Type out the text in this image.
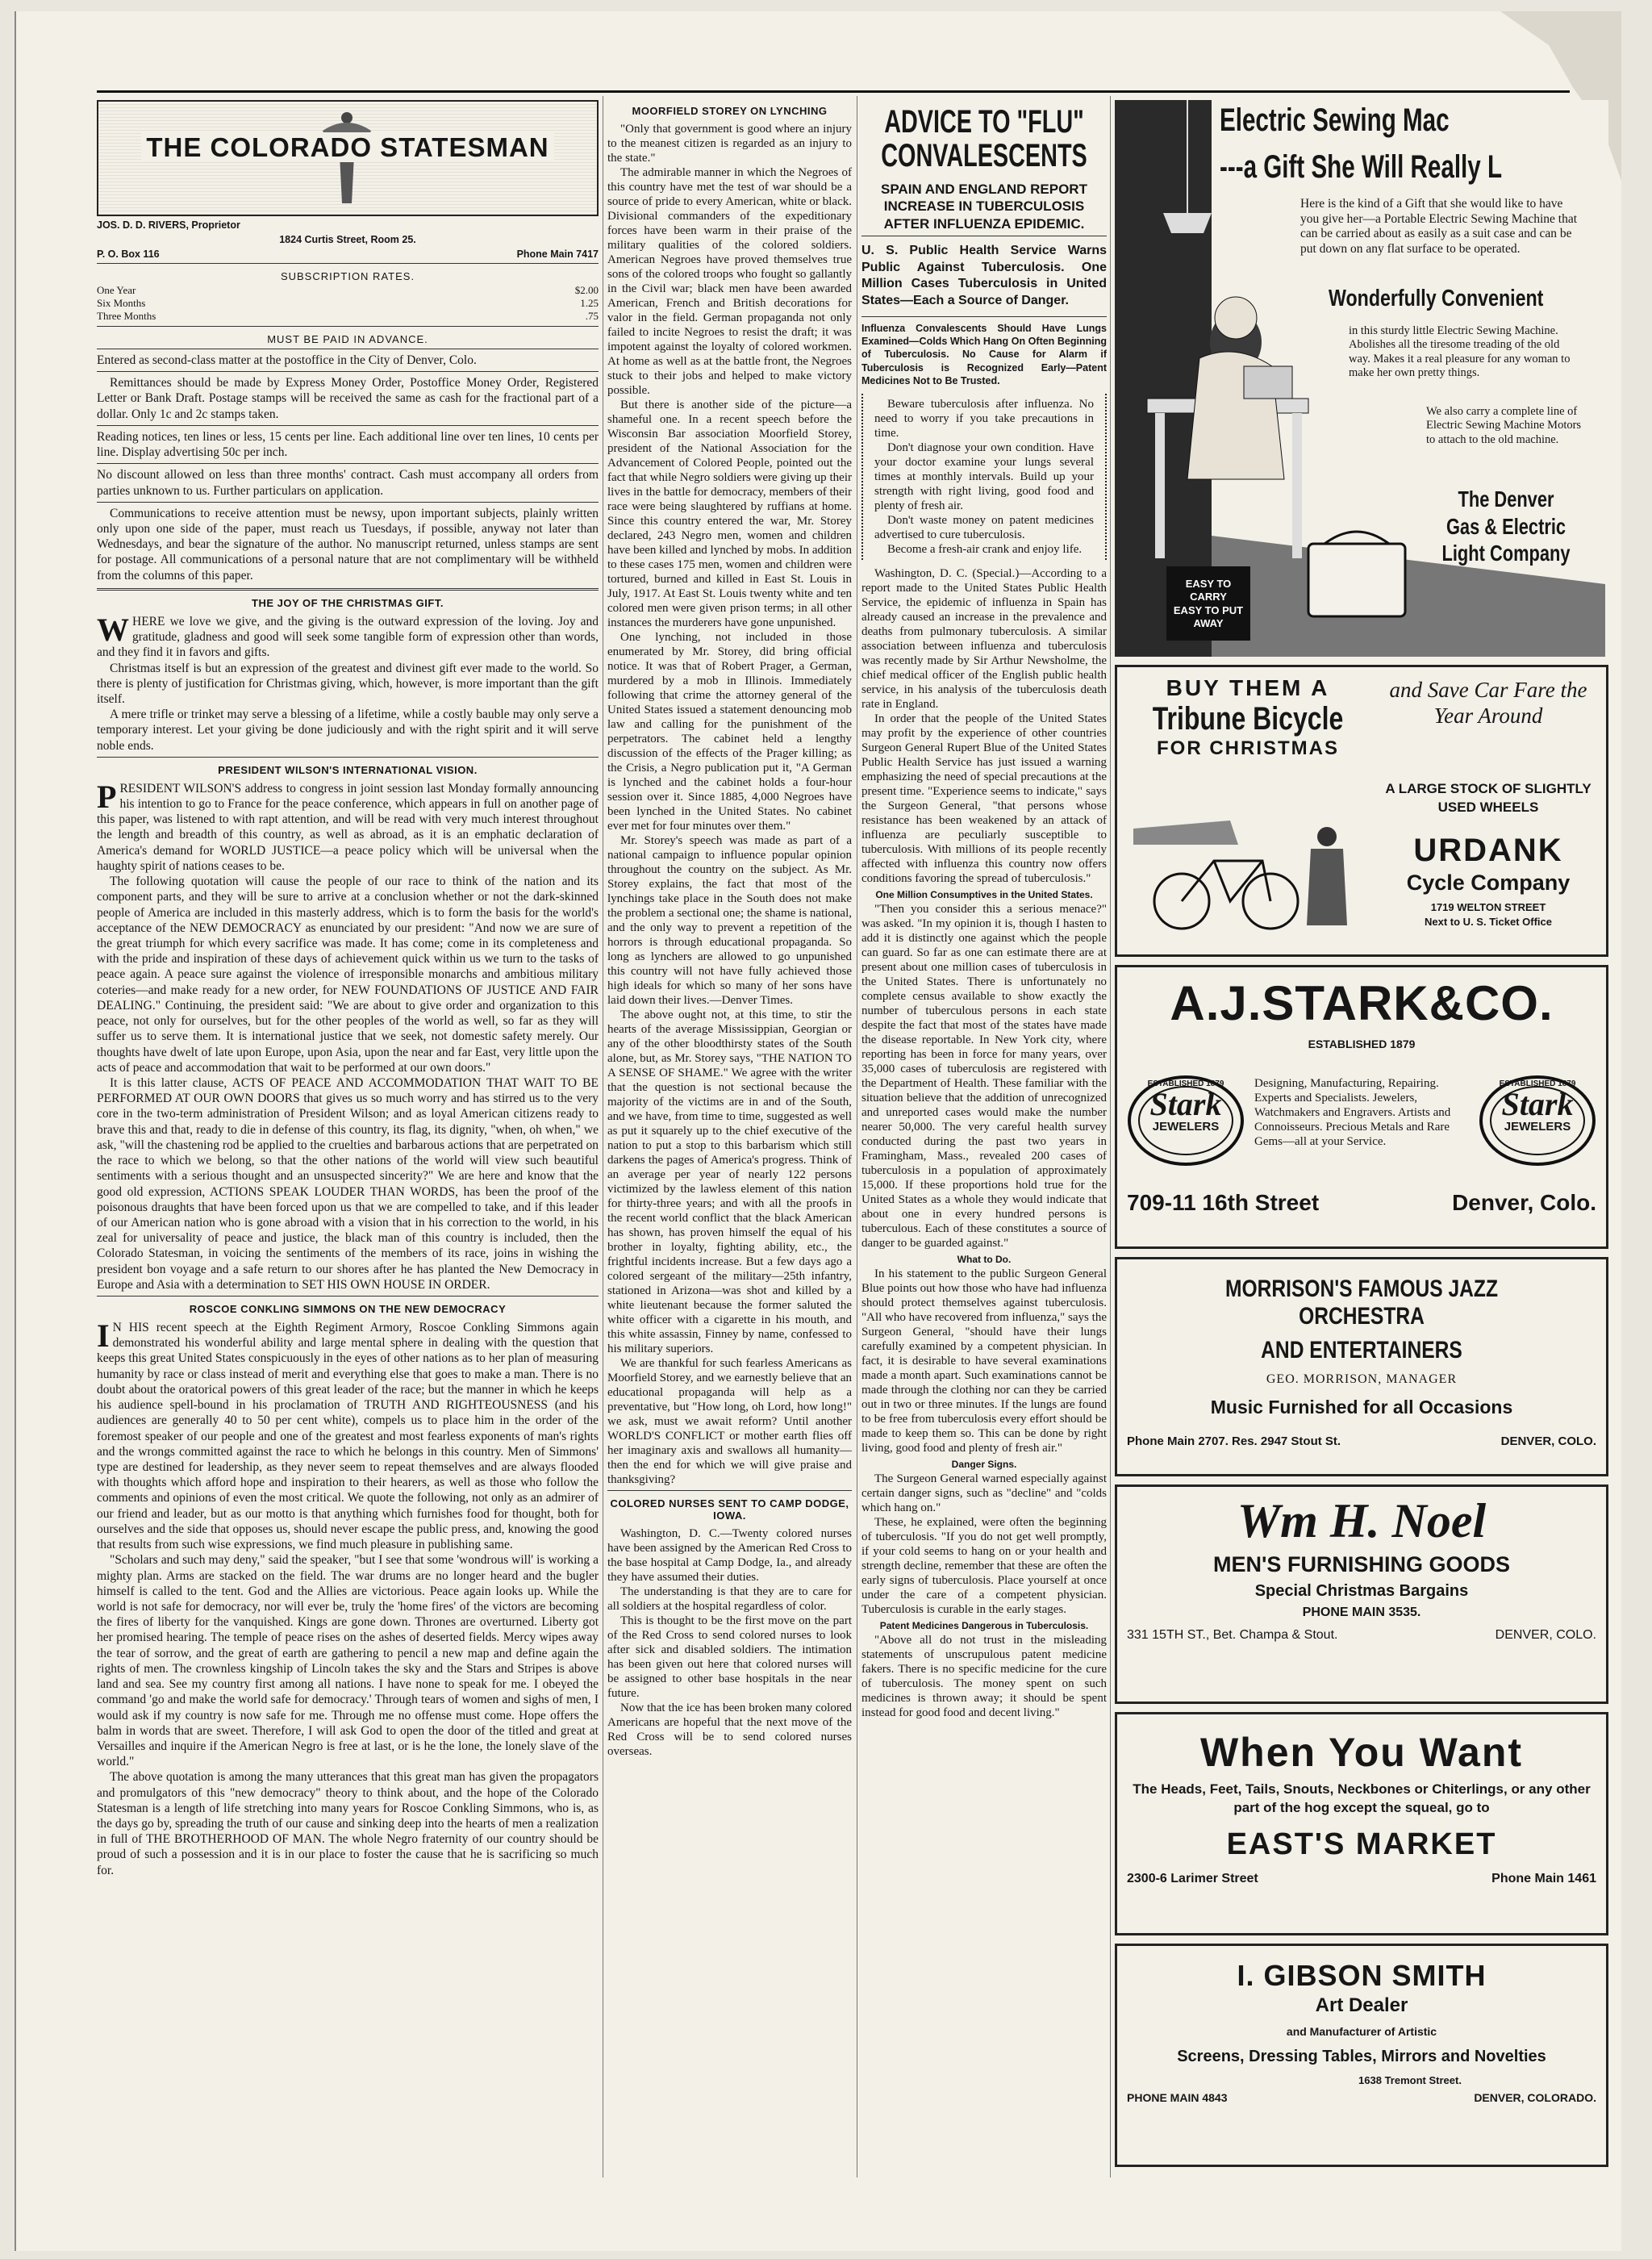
THE COLORADO STATESMAN
JOS. D. D. RIVERS, Proprietor
1824 Curtis Street, Room 25.
P. O. Box 116	Phone Main 7417
SUBSCRIPTION RATES.
One Year	$2.00
Six Months	1.25
Three Months	.75
MUST BE PAID IN ADVANCE.

Entered as second-class matter at the postoffice in the City of Denver, Colo.

Remittances should be made by Express Money Order, Postoffice Money Order, Registered Letter or Bank Draft. Postage stamps will be received the same as cash for the fractional part of a dollar. Only 1c and 2c stamps taken.

Reading notices, ten lines or less, 15 cents per line. Each additional line over ten lines, 10 cents per line. Display advertising 50c per inch.

No discount allowed on less than three months' contract. Cash must accompany all orders from parties unknown to us. Further particulars on application.

Communications to receive attention must be newsy, upon important subjects, plainly written only upon one side of the paper, must reach us Tuesdays, if possible, anyway not later than Wednesdays, and bear the signature of the author. No manuscript returned, unless stamps are sent for postage. All communications of a personal nature that are not complimentary will be withheld from the columns of this paper.

THE JOY OF THE CHRISTMAS GIFT.

WHERE we love we give, and the giving is the outward expression of the loving. Joy and gratitude, gladness and good will seek some tangible form of expression other than words, and they find it in favors and gifts.

Christmas itself is but an expression of the greatest and divinest gift ever made to the world. So there is plenty of justification for Christmas giving, which, however, is more important than the gift itself.

A mere trifle or trinket may serve a blessing of a lifetime, while a costly bauble may only serve a temporary interest. Let your giving be done judiciously and with the right spirit and it will serve noble ends.

PRESIDENT WILSON'S INTERNATIONAL VISION.

PRESIDENT WILSON'S address to congress in joint session last Monday formally announcing his intention to go to France for the peace conference, which appears in full on another page of this paper, was listened to with rapt attention, and will be read with very much interest throughout the length and breadth of this country, as well as abroad, as it is an emphatic declaration of America's demand for WORLD JUSTICE—a peace policy which will be universal when the haughty spirit of nations ceases to be.

The following quotation will cause the people of our race to think of the nation and its component parts, and they will be sure to arrive at a conclusion whether or not the dark-skinned people of America are included in this masterly address, which is to form the basis for the world's acceptance of the NEW DEMOCRACY as enunciated by our president: "And now we are sure of the great triumph for which every sacrifice was made. It has come; come in its completeness and with the pride and inspiration of these days of achievement quick within us we turn to the tasks of peace again. A peace sure against the violence of irresponsible monarchs and ambitious military coteries—and make ready for a new order, for NEW FOUNDATIONS OF JUSTICE AND FAIR DEALING." Continuing, the president said: "We are about to give order and organization to this peace, not only for ourselves, but for the other peoples of the world as well, so far as they will suffer us to serve them. It is international justice that we seek, not domestic safety merely. Our thoughts have dwelt of late upon Europe, upon Asia, upon the near and far East, very little upon the acts of peace and accommodation that wait to be performed at our own doors."

It is this latter clause, ACTS OF PEACE AND ACCOMMODATION THAT WAIT TO BE PERFORMED AT OUR OWN DOORS that gives us so much worry and has stirred us to the very core in the two-term administration of President Wilson; and as loyal American citizens ready to brave this and that, ready to die in defense of this country, its flag, its dignity, "when, oh when," we ask, "will the chastening rod be applied to the cruelties and barbarous actions that are perpetrated on the race to which we belong, so that the other nations of the world will view such beautiful sentiments with a serious thought and an unsuspected sincerity?" We are here and know that the good old expression, ACTIONS SPEAK LOUDER THAN WORDS, has been the proof of the poisonous draughts that have been forced upon us that we are compelled to take, and if this leader of our American nation who is gone abroad with a vision that in his correction to the world, in his zeal for universality of peace and justice, the black man of this country is included, then the Colorado Statesman, in voicing the sentiments of the members of its race, joins in wishing the president bon voyage and a safe return to our shores after he has planted the New Democracy in Europe and Asia with a determination to SET HIS OWN HOUSE IN ORDER.

ROSCOE CONKLING SIMMONS ON THE NEW DEMOCRACY

IN HIS recent speech at the Eighth Regiment Armory, Roscoe Conkling Simmons again demonstrated his wonderful ability and large mental sphere in dealing with the question that keeps this great United States conspicuously in the eyes of other nations as to her plan of measuring humanity by race or class instead of merit and everything else that goes to make a man. There is no doubt about the oratorical powers of this great leader of the race; but the manner in which he keeps his audience spell-bound in his proclamation of TRUTH AND RIGHTEOUSNESS (and his audiences are generally 40 to 50 per cent white), compels us to place him in the order of the foremost speaker of our people and one of the greatest and most fearless exponents of man's rights and the wrongs committed against the race to which he belongs in this country. Men of Simmons' type are destined for leadership, as they never seem to repeat themselves and are always flooded with thoughts which afford hope and inspiration to their hearers, as well as those who follow the comments and opinions of even the most critical. We quote the following, not only as an admirer of our friend and leader, but as our motto is that anything which furnishes food for thought, both for ourselves and the side that opposes us, should never escape the public press, and, knowing the good that results from such wise expressions, we find much pleasure in publishing same.

"Scholars and such may deny," said the speaker, "but I see that some 'wondrous will' is working a mighty plan. Arms are stacked on the field. The war drums are no longer heard and the bugler himself is called to the tent. God and the Allies are victorious. Peace again looks up. While the world is not safe for democracy, nor will ever be, truly the 'home fires' of the victors are becoming the fires of liberty for the vanquished. Kings are gone down. Thrones are overturned. Liberty got her promised hearing. The temple of peace rises on the ashes of deserted fields. Mercy wipes away the tear of sorrow, and the great of earth are gathering to pencil a new map and define again the rights of men. The crownless kingship of Lincoln takes the sky and the Stars and Stripes is above land and sea. See my country first among all nations. I have none to speak for me. I obeyed the command 'go and make the world safe for democracy.' Through tears of women and sighs of men, I would ask if my country is now safe for me. Through me no offense must come. Hope offers the balm in words that are sweet. Therefore, I will ask God to open the door of the titled and great at Versailles and inquire if the American Negro is free at last, or is he the lone, the lonely slave of the world."

The above quotation is among the many utterances that this great man has given the propagators and promulgators of this "new democracy" theory to think about, and the hope of the Colorado Statesman is a length of life stretching into many years for Roscoe Conkling Simmons, who is, as the days go by, spreading the truth of our cause and sinking deep into the hearts of men a realization in full of THE BROTHERHOOD OF MAN. The whole Negro fraternity of our country should be proud of such a possession and it is in our place to foster the cause that he is sacrificing so much for.

MOORFIELD STOREY ON LYNCHING

"Only that government is good where an injury to the meanest citizen is regarded as an injury to the state."

The admirable manner in which the Negroes of this country have met the test of war should be a source of pride to every American, white or black. Divisional commanders of the expeditionary forces have been warm in their praise of the military qualities of the colored soldiers. American Negroes have proved themselves true sons of the colored troops who fought so gallantly in the Civil war; black men have been awarded American, French and British decorations for valor in the field. German propaganda not only failed to incite Negroes to resist the draft; it was impotent against the loyalty of colored workmen. At home as well as at the battle front, the Negroes stuck to their jobs and helped to make victory possible.

But there is another side of the picture—a shameful one. In a recent speech before the Wisconsin Bar association Moorfield Storey, president of the National Association for the Advancement of Colored People, pointed out the fact that while Negro soldiers were giving up their lives in the battle for democracy, members of their race were being slaughtered by ruffians at home. Since this country entered the war, Mr. Storey declared, 243 Negro men, women and children have been killed and lynched by mobs. In addition to these cases 175 men, women and children were tortured, burned and killed in East St. Louis in July, 1917. At East St. Louis twenty white and ten colored men were given prison terms; in all other instances the murderers have gone unpunished.

One lynching, not included in those enumerated by Mr. Storey, did bring official notice. It was that of Robert Prager, a German, murdered by a mob in Illinois. Immediately following that crime the attorney general of the United States issued a statement denouncing mob law and calling for the punishment of the perpetrators. The cabinet held a lengthy discussion of the effects of the Prager killing; as the Crisis, a Negro publication put it, "A German is lynched and the cabinet holds a four-hour session over it. Since 1885, 4,000 Negroes have been lynched in the United States. No cabinet ever met for four minutes over them."

Mr. Storey's speech was made as part of a national campaign to influence popular opinion throughout the country on the subject. As Mr. Storey explains, the fact that most of the lynchings take place in the South does not make the problem a sectional one; the shame is national, and the only way to prevent a repetition of the horrors is through educational propaganda. So long as lynchers are allowed to go unpunished this country will not have fully achieved those high ideals for which so many of her sons have laid down their lives.—Denver Times.

The above ought not, at this time, to stir the hearts of the average Mississippian, Georgian or any of the other bloodthirsty states of the South alone, but, as Mr. Storey says, "THE NATION TO A SENSE OF SHAME." We agree with the writer that the question is not sectional because the majority of the victims are in and of the South, and we have, from time to time, suggested as well as put it squarely up to the chief executive of the nation to put a stop to this barbarism which still darkens the pages of America's progress. Think of an average per year of nearly 122 persons victimized by the lawless element of this nation for thirty-three years; and with all the proofs in the recent world conflict that the black American has shown, has proven himself the equal of his brother in loyalty, fighting ability, etc., the frightful incidents increase. But a few days ago a colored sergeant of the military—25th infantry, stationed in Arizona—was shot and killed by a white lieutenant because the former saluted the white officer with a cigarette in his mouth, and this white assassin, Finney by name, confessed to his military superiors.

We are thankful for such fearless Americans as Moorfield Storey, and we earnestly believe that an educational propaganda will help as a preventative, but "How long, oh Lord, how long!" we ask, must we await reform? Until another WORLD'S CONFLICT or mother earth flies off her imaginary axis and swallows all humanity—then the end for which we will give praise and thanksgiving?

COLORED NURSES SENT TO CAMP DODGE, IOWA.

Washington, D. C.—Twenty colored nurses have been assigned by the American Red Cross to the base hospital at Camp Dodge, Ia., and already they have assumed their duties.

The understanding is that they are to care for all soldiers at the hospital regardless of color.

This is thought to be the first move on the part of the Red Cross to send colored nurses to look after sick and disabled soldiers. The intimation has been given out here that colored nurses will be assigned to other base hospitals in the near future.

Now that the ice has been broken many colored Americans are hopeful that the next move of the Red Cross will be to send colored nurses overseas.

ADVICE TO "FLU" CONVALESCENTS
SPAIN AND ENGLAND REPORT INCREASE IN TUBERCULOSIS AFTER INFLUENZA EPIDEMIC.
U. S. Public Health Service Warns Public Against Tuberculosis. One Million Cases Tuberculosis in United States—Each a Source of Danger.
Influenza Convalescents Should Have Lungs Examined—Colds Which Hang On Often Beginning of Tuberculosis. No Cause for Alarm if Tuberculosis is Recognized Early—Patent Medicines Not to Be Trusted.

Beware tuberculosis after influenza. No need to worry if you take precautions in time.

Don't diagnose your own condition. Have your doctor examine your lungs several times at monthly intervals. Build up your strength with right living, good food and plenty of fresh air.

Don't waste money on patent medicines advertised to cure tuberculosis.

Become a fresh-air crank and enjoy life.

Washington, D. C. (Special.)—According to a report made to the United States Public Health Service, the epidemic of influenza in Spain has already caused an increase in the prevalence and deaths from pulmonary tuberculosis. A similar association between influenza and tuberculosis was recently made by Sir Arthur Newsholme, the chief medical officer of the English public health service, in his analysis of the tuberculosis death rate in England.

In order that the people of the United States may profit by the experience of other countries Surgeon General Rupert Blue of the United States Public Health Service has just issued a warning emphasizing the need of special precautions at the present time. "Experience seems to indicate," says the Surgeon General, "that persons whose resistance has been weakened by an attack of influenza are peculiarly susceptible to tuberculosis. With millions of its people recently affected with influenza this country now offers conditions favoring the spread of tuberculosis."

One Million Consumptives in the United States.

"Then you consider this a serious menace?" was asked. "In my opinion it is, though I hasten to add it is distinctly one against which the people can guard. So far as one can estimate there are at present about one million cases of tuberculosis in the United States. There is unfortunately no complete census available to show exactly the number of tuberculous persons in each state despite the fact that most of the states have made the disease reportable. In New York city, where reporting has been in force for many years, over 35,000 cases of tuberculosis are registered with the Department of Health. These familiar with the situation believe that the addition of unrecognized and unreported cases would make the number nearer 50,000. The very careful health survey conducted during the past two years in Framingham, Mass., revealed 200 cases of tuberculosis in a population of approximately 15,000. If these proportions hold true for the United States as a whole they would indicate that about one in every hundred persons is tuberculous. Each of these constitutes a source of danger to be guarded against."

What to Do.

In his statement to the public Surgeon General Blue points out how those who have had influenza should protect themselves against tuberculosis. "All who have recovered from influenza," says the Surgeon General, "should have their lungs carefully examined by a competent physician. In fact, it is desirable to have several examinations made a month apart. Such examinations cannot be made through the clothing nor can they be carried out in two or three minutes. If the lungs are found to be free from tuberculosis every effort should be made to keep them so. This can be done by right living, good food and plenty of fresh air."

Danger Signs.

The Surgeon General warned especially against certain danger signs, such as "decline" and "colds which hang on."

These, he explained, were often the beginning of tuberculosis. "If you do not get well promptly, if your cold seems to hang on or your health and strength decline, remember that these are often the early signs of tuberculosis. Place yourself at once under the care of a competent physician. Tuberculosis is curable in the early stages.

Patent Medicines Dangerous in Tuberculosis.

"Above all do not trust in the misleading statements of unscrupulous patent medicine fakers. There is no specific medicine for the cure of tuberculosis. The money spent on such medicines is thrown away; it should be spent instead for good food and decent living."

Electric Sewing Mac
---a Gift She Will Really L
Here is the kind of a Gift that she would like to have you give her—a Portable Electric Sewing Machine that can be carried about as easily as a suit case and can be put down on any flat surface to be operated.
Wonderfully Convenient
in this sturdy little Electric Sewing Machine. Abolishes all the tiresome treading of the old way. Makes it a real pleasure for any woman to make her own pretty things.
We also carry a complete line of Electric Sewing Machine Motors to attach to the old machine.
The Denver Gas & Electric Light Company
EASY TO CARRY
EASY TO PUT AWAY
BUY THEM A
Tribune Bicycle
FOR CHRISTMAS
and Save Car Fare the Year Around
A LARGE STOCK OF SLIGHTLY USED WHEELS
URDANK
Cycle Company
1719 WELTON STREET
Next to U. S. Ticket Office
A.J.STARK&CO.
ESTABLISHED 1879
ESTABLISHED 1879
Stark
JEWELERS
Designing, Manufacturing, Repairing. Experts and Specialists. Jewelers, Watchmakers and Engravers. Artists and Connoisseurs. Precious Metals and Rare Gems—all at your Service.
ESTABLISHED 1879
Stark
JEWELERS
709-11 16th Street	Denver, Colo.
MORRISON'S FAMOUS JAZZ ORCHESTRA
AND ENTERTAINERS
GEO. MORRISON, MANAGER
Music Furnished for all Occasions
Phone Main 2707. Res. 2947 Stout St.	DENVER, COLO.
Wm H. Noel
MEN'S FURNISHING GOODS
Special Christmas Bargains
PHONE MAIN 3535.
331 15TH ST., Bet. Champa & Stout.	DENVER, COLO.
When You Want
The Heads, Feet, Tails, Snouts, Neckbones or Chiterlings, or any other part of the hog except the squeal, go to
EAST'S MARKET
2300-6 Larimer Street	Phone Main 1461
I. GIBSON SMITH
Art Dealer
and Manufacturer of Artistic
Screens, Dressing Tables, Mirrors and Novelties
1638 Tremont Street.
PHONE MAIN 4843	DENVER, COLORADO.
